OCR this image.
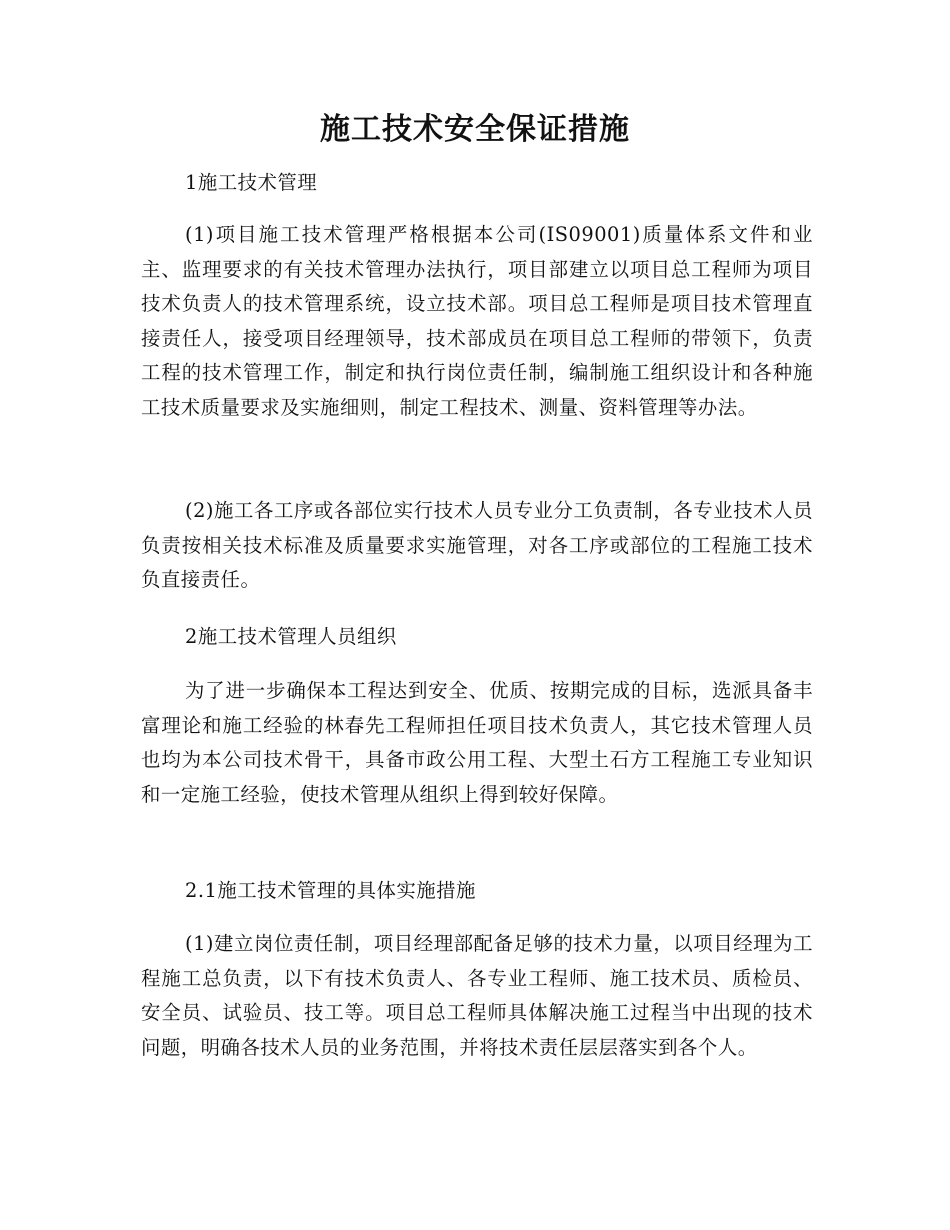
施工技术安全保证措施

1施工技术管理

(1)项目施工技术管理严格根据本公司(IS09001)质量体系文件和业主、监理要求的有关技术管理办法执行，项目部建立以项目总工程师为项目技术负责人的技术管理系统，设立技术部。项目总工程师是项目技术管理直接责任人，接受项目经理领导，技术部成员在项目总工程师的带领下，负责工程的技术管理工作，制定和执行岗位责任制，编制施工组织设计和各种施工技术质量要求及实施细则，制定工程技术、测量、资料管理等办法。

(2)施工各工序或各部位实行技术人员专业分工负责制，各专业技术人员负责按相关技术标准及质量要求实施管理，对各工序或部位的工程施工技术负直接责任。

2施工技术管理人员组织

为了进一步确保本工程达到安全、优质、按期完成的目标，选派具备丰富理论和施工经验的林春先工程师担任项目技术负责人，其它技术管理人员也均为本公司技术骨干，具备市政公用工程、大型土石方工程施工专业知识和一定施工经验，使技术管理从组织上得到较好保障。

2.1施工技术管理的具体实施措施

(1)建立岗位责任制，项目经理部配备足够的技术力量，以项目经理为工程施工总负责，以下有技术负责人、各专业工程师、施工技术员、质检员、安全员、试验员、技工等。项目总工程师具体解决施工过程当中出现的技术问题，明确各技术人员的业务范围，并将技术责任层层落实到各个人。
